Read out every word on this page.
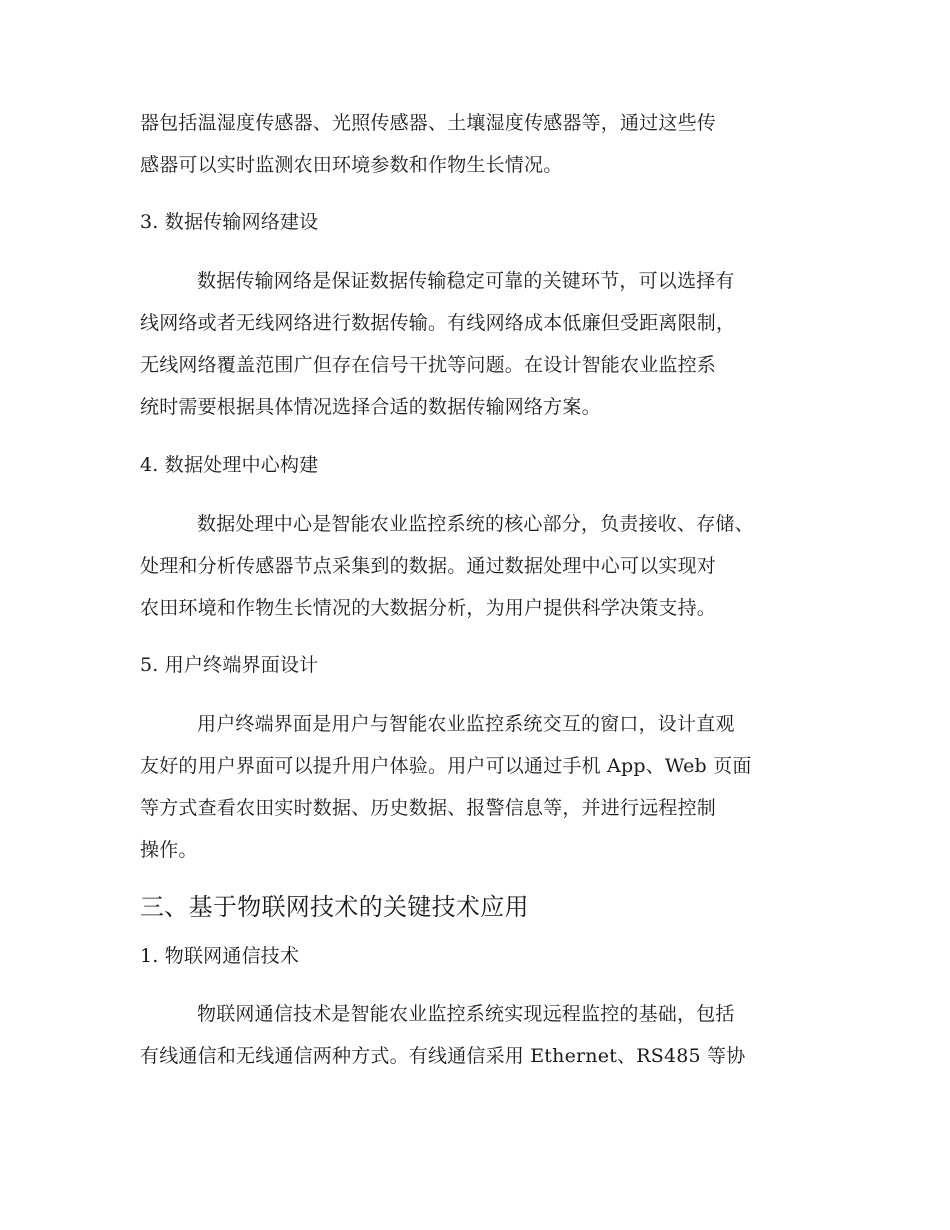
器包括温湿度传感器、光照传感器、土壤湿度传感器等，通过这些传
感器可以实时监测农田环境参数和作物生长情况。
3. 数据传输网络建设
数据传输网络是保证数据传输稳定可靠的关键环节，可以选择有
线网络或者无线网络进行数据传输。有线网络成本低廉但受距离限制，
无线网络覆盖范围广但存在信号干扰等问题。在设计智能农业监控系
统时需要根据具体情况选择合适的数据传输网络方案。
4. 数据处理中心构建
数据处理中心是智能农业监控系统的核心部分，负责接收、存储、
处理和分析传感器节点采集到的数据。通过数据处理中心可以实现对
农田环境和作物生长情况的大数据分析，为用户提供科学决策支持。
5. 用户终端界面设计
用户终端界面是用户与智能农业监控系统交互的窗口，设计直观
友好的用户界面可以提升用户体验。用户可以通过手机 App、Web 页面
等方式查看农田实时数据、历史数据、报警信息等，并进行远程控制
操作。
三、基于物联网技术的关键技术应用
1. 物联网通信技术
物联网通信技术是智能农业监控系统实现远程监控的基础，包括
有线通信和无线通信两种方式。有线通信采用 Ethernet、RS485 等协
